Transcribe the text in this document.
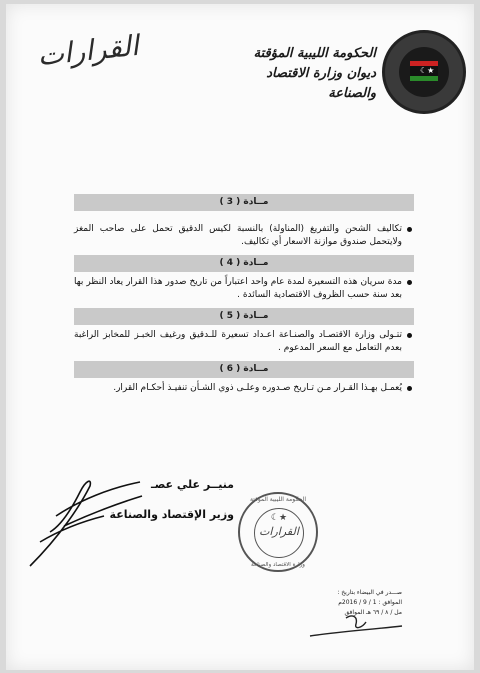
☾★
الحكومة الليبية المؤقتة
ديوان وزارة الاقتصاد والصناعة
القرارات
مــادة ( 3 )
تكاليف الشحن والتفريغ (المناولة) بالنسبة لكيس الدقيق تحمل على صاحب المغز ولايتحمل صندوق موازنة الاسعار أي تكاليف.
مــادة ( 4 )
مدة سريان هذه التسعيرة لمدة عام واحد اعتباراً من تاريخ صدور هذا القرار يعاد النظر بها بعد سنة حسب الظروف الاقتصادية السائدة .
مــادة ( 5 )
تتـولى وزارة الاقتصـاد والصنـاعة اعـداد تسعيرة للـدقيق ورغيف الخبـز للمخابز الراغبة بعدم التعامل مع السعر المدعوم .
مــادة ( 6 )
يُعمـل بهـذا القـرار مـن تـاريخ صـدوره وعلـى ذوي الشـأن تنفيـذ أحكـام القرار.
منيــر علي عصـ
وزير الإقتصاد والصناعة
الحكومة الليبية المؤقتة
☾★
القرارات
وزارة الاقتصاد والصناعة
صـــدر في البيضاء بتاريخ :
الموافق : 1 / 9 / 2016م
مل / ٨ / ٦٩ هـ الموافق
